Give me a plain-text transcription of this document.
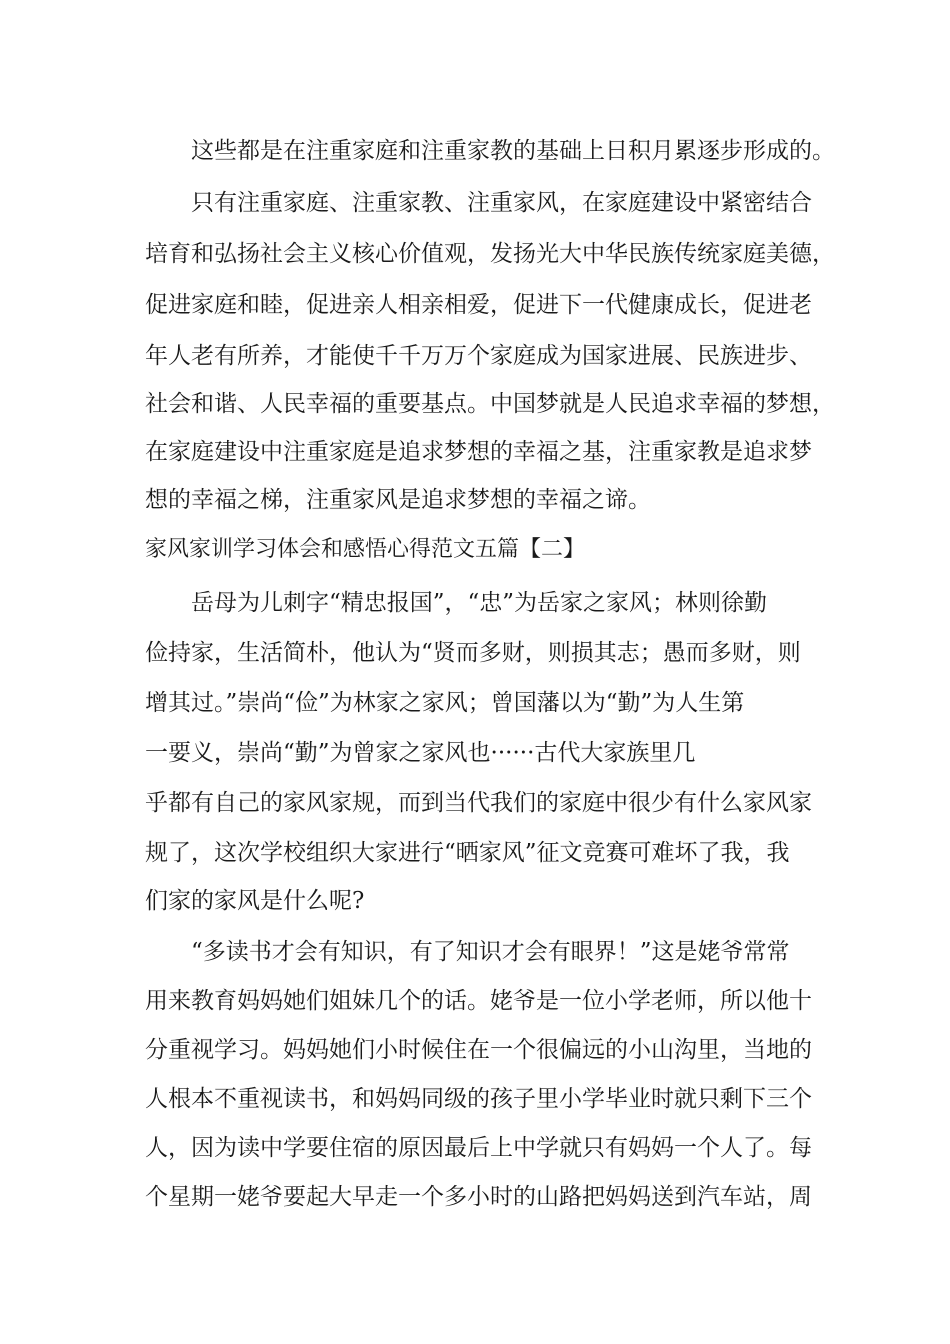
这些都是在注重家庭和注重家教的基础上日积月累逐步形成的。
只有注重家庭、注重家教、注重家风，在家庭建设中紧密结合
培育和弘扬社会主义核心价值观，发扬光大中华民族传统家庭美德，
促进家庭和睦，促进亲人相亲相爱，促进下一代健康成长，促进老
年人老有所养，才能使千千万万个家庭成为国家进展、民族进步、
社会和谐、人民幸福的重要基点。中国梦就是人民追求幸福的梦想，
在家庭建设中注重家庭是追求梦想的幸福之基，注重家教是追求梦
想的幸福之梯，注重家风是追求梦想的幸福之谛。
家风家训学习体会和感悟心得范文五篇【二】
岳母为儿刺字“精忠报国”，“忠”为岳家之家风；林则徐勤
俭持家，生活简朴，他认为“贤而多财，则损其志；愚而多财，则
增其过。”崇尚“俭”为林家之家风；曾国藩以为“勤”为人生第
一要义，崇尚“勤”为曾家之家风也······古代大家族里几
乎都有自己的家风家规，而到当代我们的家庭中很少有什么家风家
规了，这次学校组织大家进行“晒家风”征文竞赛可难坏了我，我
们家的家风是什么呢?
“多读书才会有知识，有了知识才会有眼界！”这是姥爷常常
用来教育妈妈她们姐妹几个的话。姥爷是一位小学老师，所以他十
分重视学习。妈妈她们小时候住在一个很偏远的小山沟里，当地的
人根本不重视读书，和妈妈同级的孩子里小学毕业时就只剩下三个
人，因为读中学要住宿的原因最后上中学就只有妈妈一个人了。每
个星期一姥爷要起大早走一个多小时的山路把妈妈送到汽车站，周
